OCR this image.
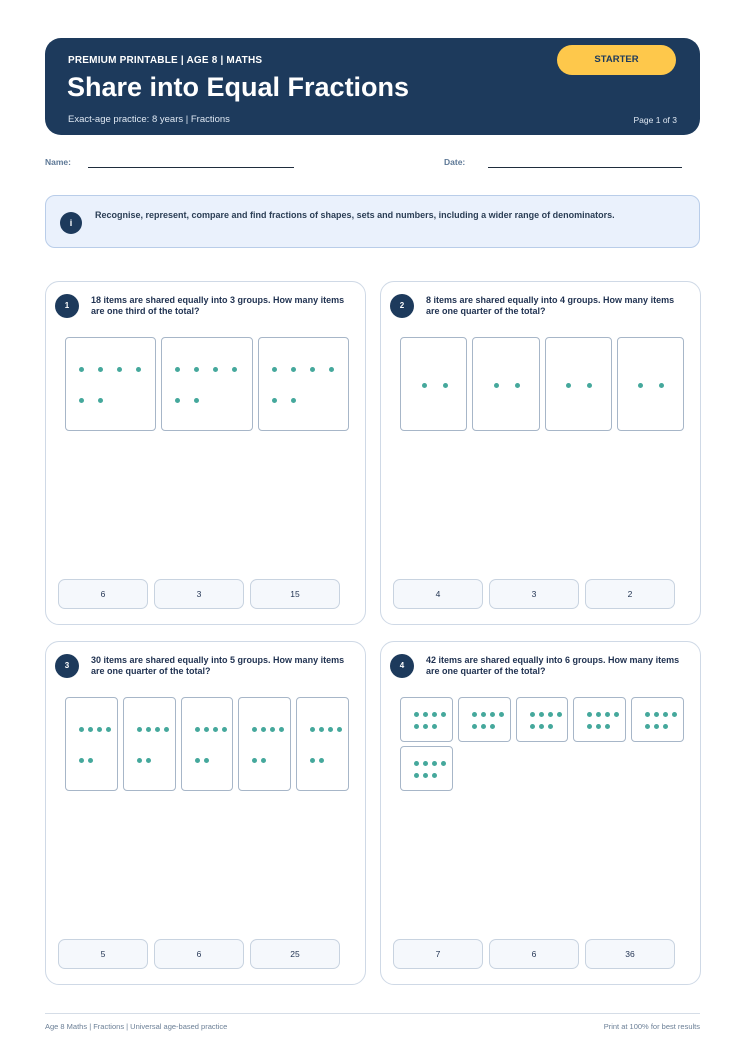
PREMIUM PRINTABLE | AGE 8 | MATHS
Share into Equal Fractions
Exact-age practice: 8 years | Fractions	Page 1 of 3
STARTER
Name:	Date:
i
Recognise, represent, compare and find fractions of shapes, sets and numbers, including a wider range of denominators.
1
18 items are shared equally into 3 groups. How many items are one third of the total?
6	3	15
2
8 items are shared equally into 4 groups. How many items are one quarter of the total?
4	3	2
3
30 items are shared equally into 5 groups. How many items are one quarter of the total?
5	6	25
4
42 items are shared equally into 6 groups. How many items are one quarter of the total?
7	6	36
Age 8 Maths | Fractions | Universal age-based practice	Print at 100% for best results
